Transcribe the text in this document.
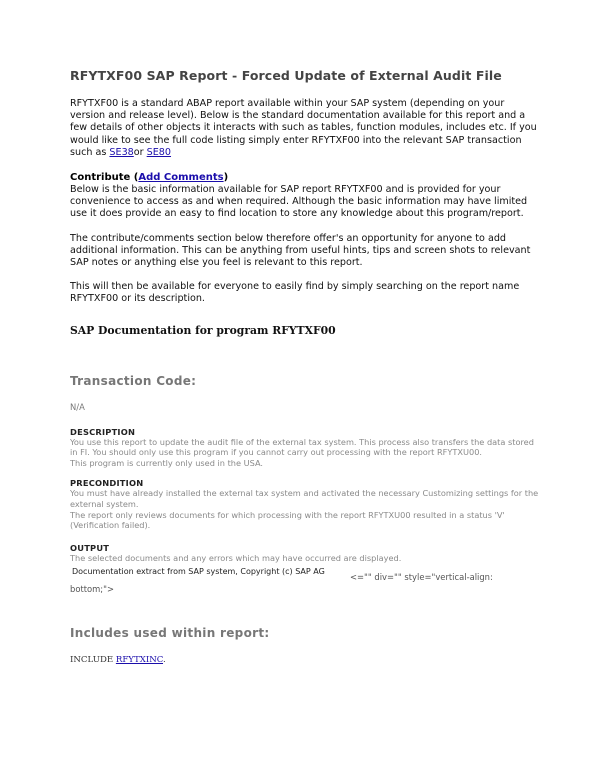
RFYTXF00 SAP Report - Forced Update of External Audit File

RFYTXF00 is a standard ABAP report available within your SAP system (depending on your version and release level). Below is the standard documentation available for this report and a few details of other objects it interacts with such as tables, function modules, includes etc. If you would like to see the full code listing simply enter RFYTXF00 into the relevant SAP transaction such as SE38or SE80

Contribute (Add Comments)

Below is the basic information available for SAP report RFYTXF00 and is provided for your convenience to access as and when required. Although the basic information may have limited use it does provide an easy to find location to store any knowledge about this program/report.

The contribute/comments section below therefore offer's an opportunity for anyone to add additional information. This can be anything from useful hints, tips and screen shots to relevant SAP notes or anything else you feel is relevant to this report.

This will then be available for everyone to easily find by simply searching on the report name RFYTXF00 or its description.

SAP Documentation for program RFYTXF00
Transaction Code:

N/A

DESCRIPTION

You use this report to update the audit file of the external tax system. This process also transfers the data stored in FI. You should only use this program if you cannot carry out processing with the report RFYTXU00.

This program is currently only used in the USA.

PRECONDITION

You must have already installed the external tax system and activated the necessary Customizing settings for the external system.

The report only reviews documents for which processing with the report RFYTXU00 resulted in a status 'V' (Verification failed).

OUTPUT

The selected documents and any errors which may have occurred are displayed.

Documentation extract from SAP system, Copyright (c) SAP AG
<="" div="" style="vertical-align:

bottom;">

Includes used within report:

INCLUDE RFYTXINC.
